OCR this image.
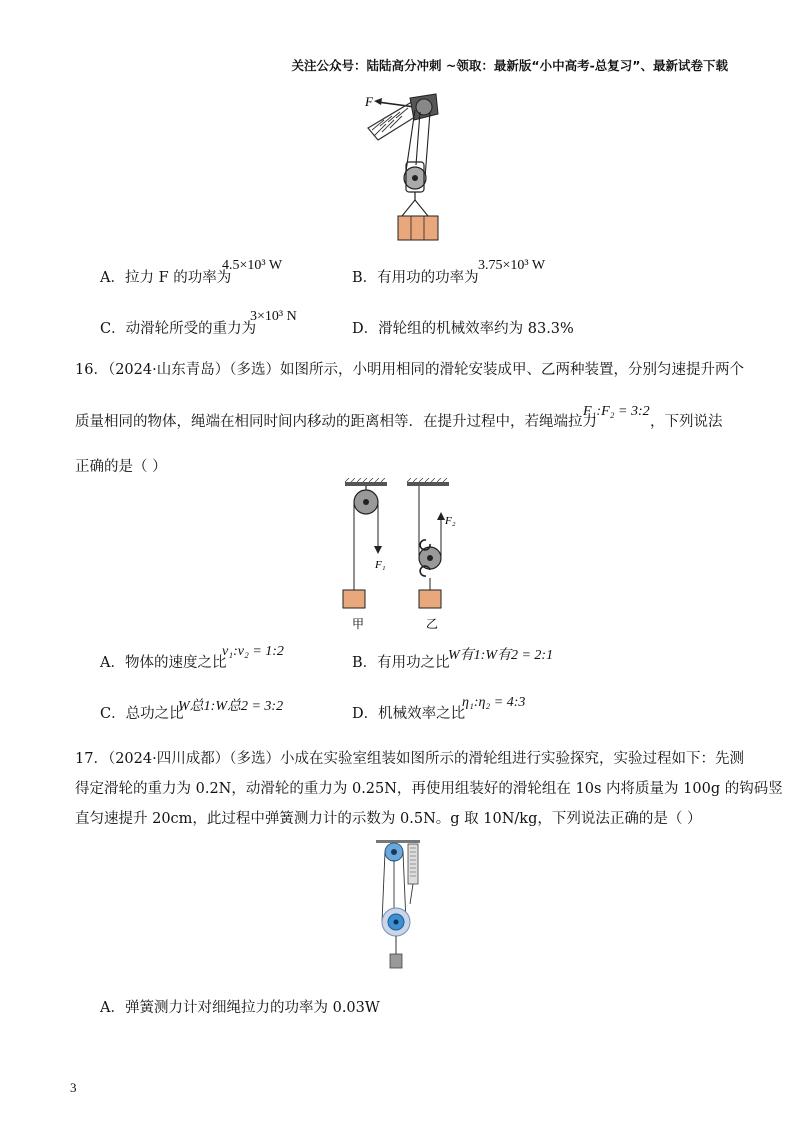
关注公众号：陆陆高分冲刺 ~领取：最新版“小中高考-总复习”、最新试卷下载
F
A．拉力 F 的功率为
4.5×10³ W
B．有用功的功率为
3.75×10³ W
C．动滑轮所受的重力为
3×10³ N
D．滑轮组的机械效率约为 83.3%
16．（2024·山东青岛）（多选）如图所示，小明用相同的滑轮安装成甲、乙两种装置，分别匀速提升两个
质量相同的物体，绳端在相同时间内移动的距离相等．在提升过程中，若绳端拉力
F₁:F₂ = 3:2
，下列说法
正确的是（ ）
F₁
甲
F₂
乙
A．物体的速度之比
v₁:v₂ = 1:2
B．有用功之比
W有1:W有2 = 2:1
C．总功之比
W总1:W总2 = 3:2	D．机械效率之比
η₁:η₂ = 4:3
17．（2024·四川成都）（多选）小成在实验室组装如图所示的滑轮组进行实验探究，实验过程如下：先测
得定滑轮的重力为 0.2N，动滑轮的重力为 0.25N，再使用组装好的滑轮组在 10s 内将质量为 100g 的钩码竖
直匀速提升 20cm，此过程中弹簧测力计的示数为 0.5N。g 取 10N/kg，下列说法正确的是（ ）
A．弹簧测力计对细绳拉力的功率为 0.03W
3
